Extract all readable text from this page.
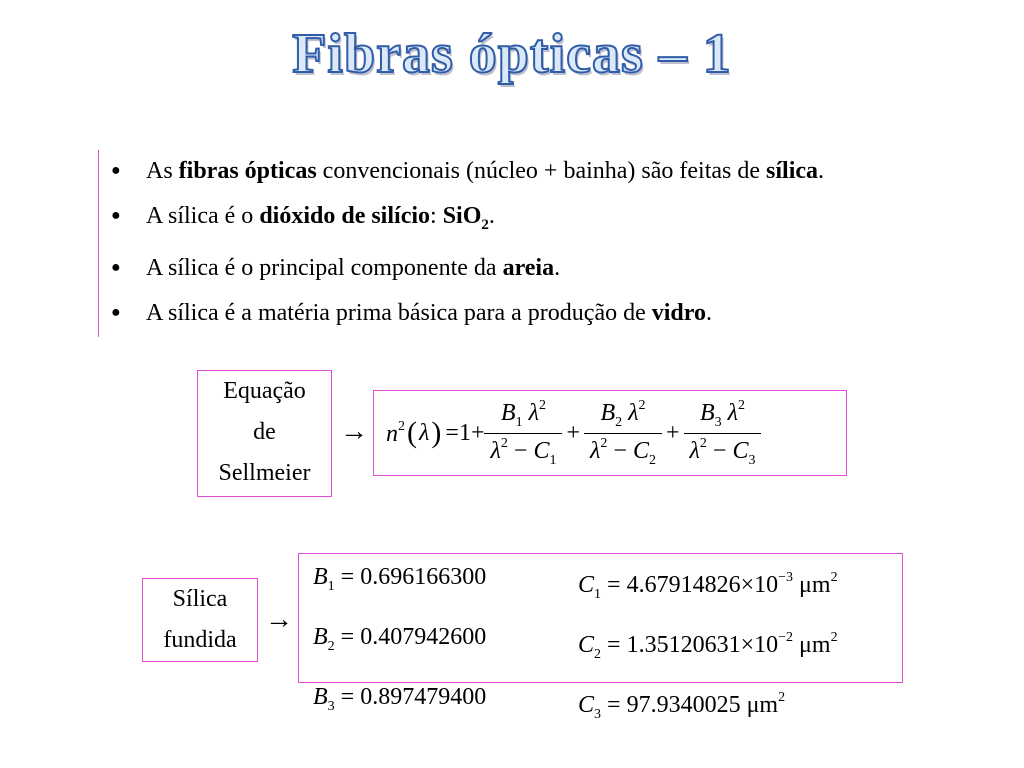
Fibras ópticas – 1
●	As fibras ópticas convencionais (núcleo + bainha) são feitas de sílica.
●	A sílica é o dióxido de silício: SiO$_2$.
●	A sílica é o principal componente da areia.
●	A sílica é a matéria prima básica para a produção de vidro.
Equação
de
Sellmeier
→ $n^2$ ( λ ) $=1+ \frac{B_1 \lambda^2}{\lambda^2 - C_1} + \frac{B_2 \lambda^2}{\lambda^2 - C_2} + \frac{B_3 \lambda^2}{\lambda^2 - C_3}$
Sílica
fundida
→
$B_1 = 0.696166300$	$C_1 = 4.67914826\times 10^{-3}$ $\mu m^2$
$B_2 = 0.407942600$	$C_2 = 1.35120631\times 10^{-2}$ $\mu m^2$
$B_3 = 0.897479400$	$C_3 = 97.9340025$ $\mu m^2$
